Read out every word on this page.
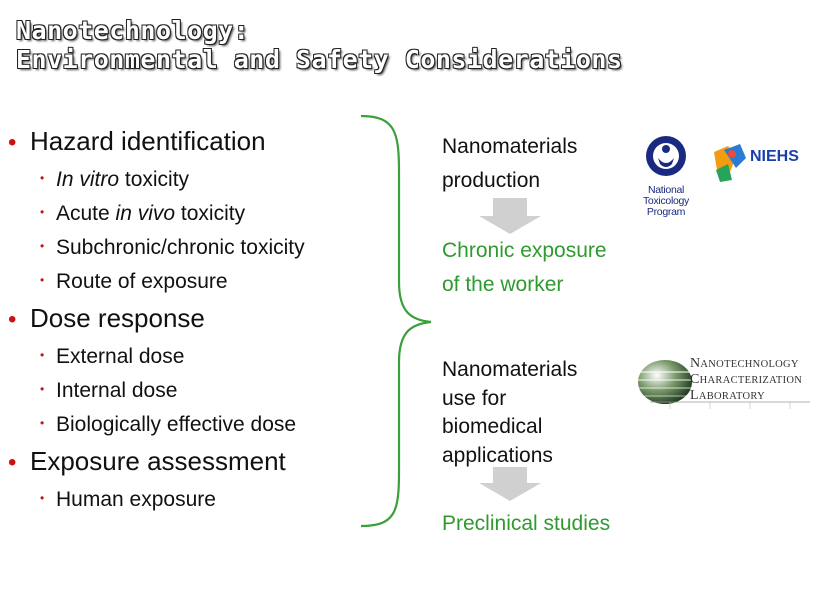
Nanotechnology:
Environmental and Safety Considerations
• Hazard identification
• In vitro toxicity
• Acute in vivo toxicity
• Subchronic/chronic toxicity
• Route of exposure
• Dose response
• External dose
• Internal dose
• Biologically effective dose
• Exposure assessment
• Human exposure
Nanomaterials
production
Chronic exposure
of the worker
Nanomaterials
use for
biomedical
applications
Preclinical studies
National
Toxicology
Program
NIEHS
NANOTECHNOLOGY
CHARACTERIZATION
LABORATORY
